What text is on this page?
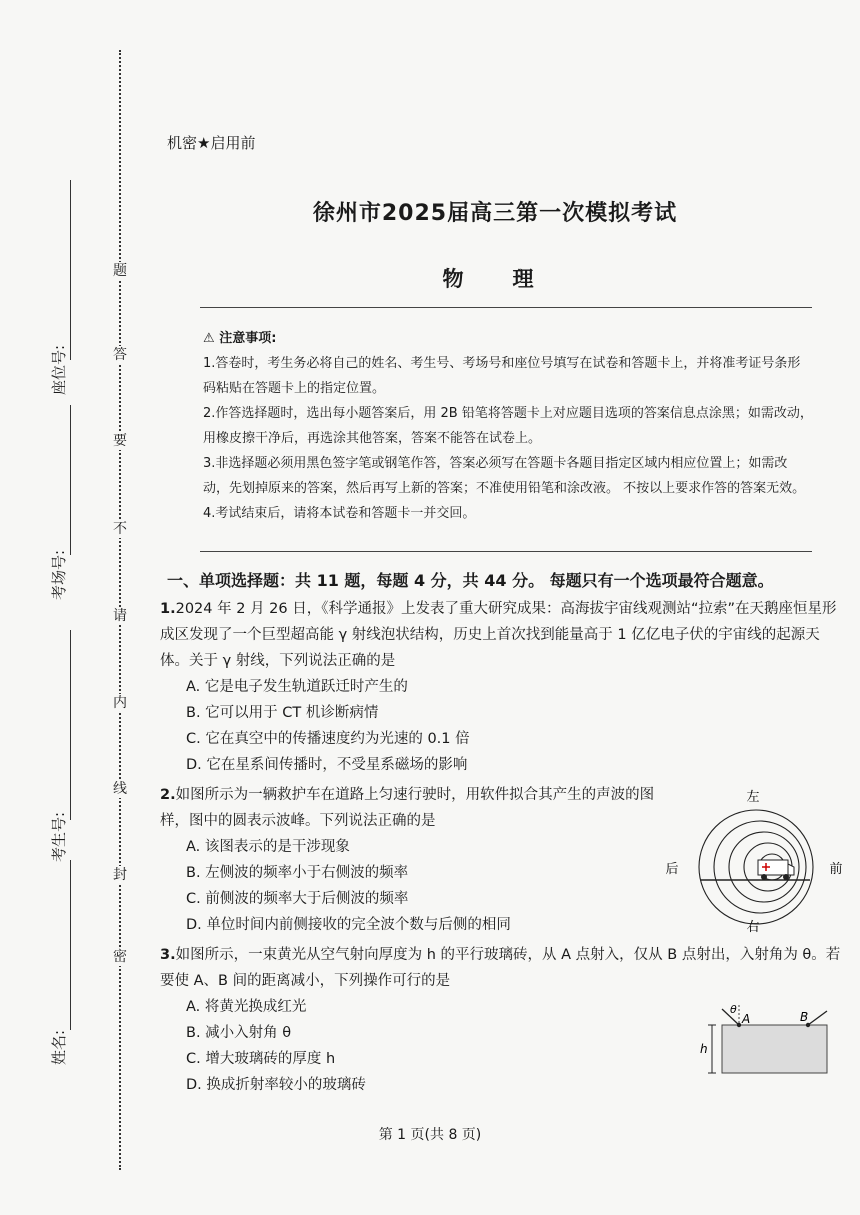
题
答
要
不
请
内
线
封
密
座位号:
考场号:
考生号:
姓名:
机密★启用前
徐州市2025届高三第一次模拟考试
物　理

⚠ 注意事项:

1.答卷时，考生务必将自己的姓名、考生号、考场号和座位号填写在试卷和答题卡上，并将准考证号条形码粘贴在答题卡上的指定位置。

2.作答选择题时，选出每小题答案后，用 2B 铅笔将答题卡上对应题目选项的答案信息点涂黑；如需改动，用橡皮擦干净后，再选涂其他答案，答案不能答在试卷上。

3.非选择题必须用黑色签字笔或钢笔作答，答案必须写在答题卡各题目指定区域内相应位置上；如需改动，先划掉原来的答案，然后再写上新的答案；不准使用铅笔和涂改液。 不按以上要求作答的答案无效。

4.考试结束后，请将本试卷和答题卡一并交回。

一、单项选择题：共 11 题，每题 4 分，共 44 分。 每题只有一个选项最符合题意。

1.2024 年 2 月 26 日，《科学通报》上发表了重大研究成果：高海拔宇宙线观测站“拉索”在天鹅座恒星形成区发现了一个巨型超高能 γ 射线泡状结构，历史上首次找到能量高于 1 亿亿电子伏的宇宙线的起源天体。关于 γ 射线，下列说法正确的是

A. 它是电子发生轨道跃迁时产生的

B. 它可以用于 CT 机诊断病情

C. 它在真空中的传播速度约为光速的 0.1 倍

D. 它在星系间传播时，不受星系磁场的影响

2.如图所示为一辆救护车在道路上匀速行驶时，用软件拟合其产生的声波的图样，图中的圆表示波峰。下列说法正确的是

A. 该图表示的是干涉现象

B. 左侧波的频率小于右侧波的频率

C. 前侧波的频率大于后侧波的频率

D. 单位时间内前侧接收的完全波个数与后侧的相同

左
右
后	前

3.如图所示，一束黄光从空气射向厚度为 h 的平行玻璃砖，从 A 点射入，仅从 B 点射出，入射角为 θ。若要使 A、B 间的距离减小，下列操作可行的是

A. 将黄光换成红光

B. 减小入射角 θ

C. 增大玻璃砖的厚度 h

D. 换成折射率较小的玻璃砖

A	B
θ
h
第 1 页(共 8 页)
